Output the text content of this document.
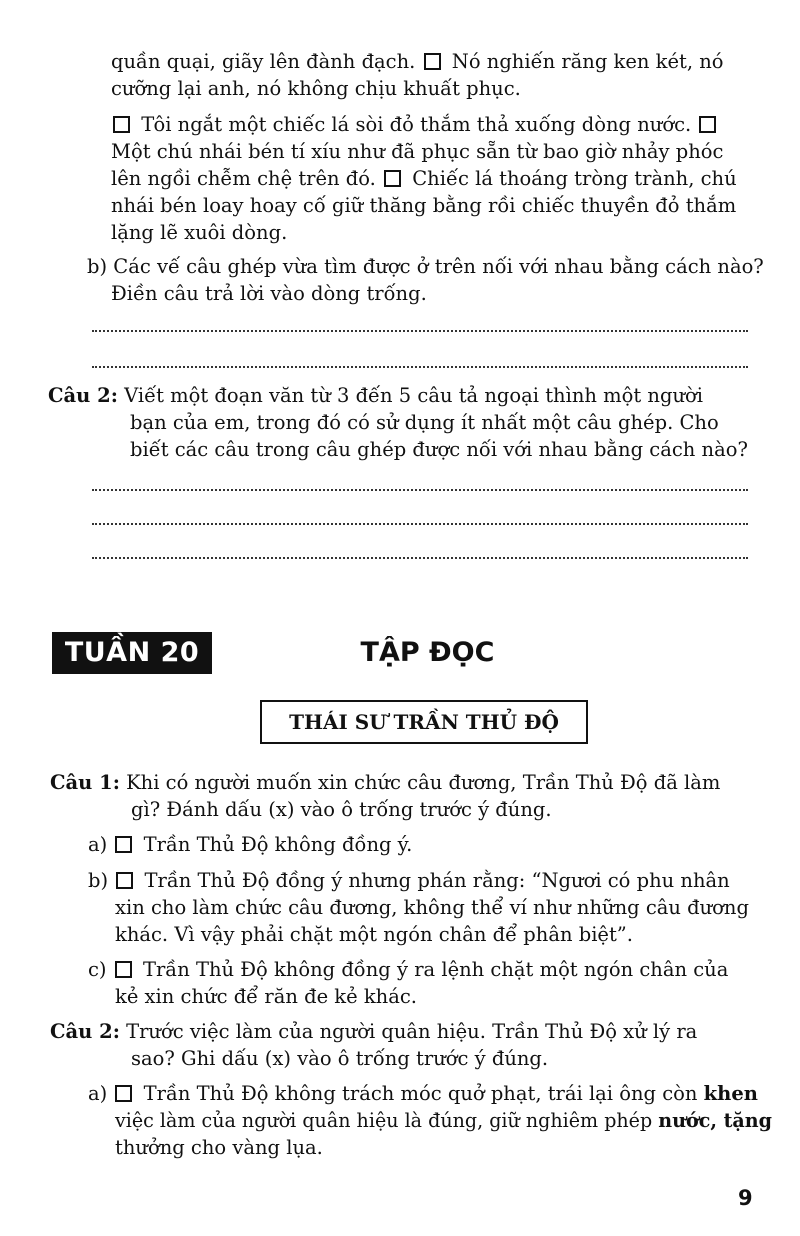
quần quại, giãy lên đành đạch. Nó nghiến răng ken két, nó
cưỡng lại anh, nó không chịu khuất phục.
Tôi ngắt một chiếc lá sòi đỏ thắm thả xuống dòng nước.
Một chú nhái bén tí xíu như đã phục sẵn từ bao giờ nhảy phóc
lên ngồi chễm chệ trên đó. Chiếc lá thoáng tròng trành, chú
nhái bén loay hoay cố giữ thăng bằng rồi chiếc thuyền đỏ thắm
lặng lẽ xuôi dòng.
b) Các vế câu ghép vừa tìm được ở trên nối với nhau bằng cách nào?
Điền câu trả lời vào dòng trống.
Câu 2: Viết một đoạn văn từ 3 đến 5 câu tả ngoại thình một người
bạn của em, trong đó có sử dụng ít nhất một câu ghép. Cho
biết các câu trong câu ghép được nối với nhau bằng cách nào?
TUẦN 20	TẬP ĐỌC
THÁI SƯ TRẦN THỦ ĐỘ
Câu 1: Khi có người muốn xin chức câu đương, Trần Thủ Độ đã làm
gì? Đánh dấu (x) vào ô trống trước ý đúng.
a) Trần Thủ Độ không đồng ý.
b) Trần Thủ Độ đồng ý nhưng phán rằng: “Ngươi có phu nhân
xin cho làm chức câu đương, không thể ví như những câu đương
khác. Vì vậy phải chặt một ngón chân để phân biệt”.
c) Trần Thủ Độ không đồng ý ra lệnh chặt một ngón chân của
kẻ xin chức để răn đe kẻ khác.
Câu 2: Trước việc làm của người quân hiệu. Trần Thủ Độ xử lý ra
sao? Ghi dấu (x) vào ô trống trước ý đúng.
a) Trần Thủ Độ không trách móc quở phạt, trái lại ông còn khen
việc làm của người quân hiệu là đúng, giữ nghiêm phép nước, tặng
thưởng cho vàng lụa.
9
